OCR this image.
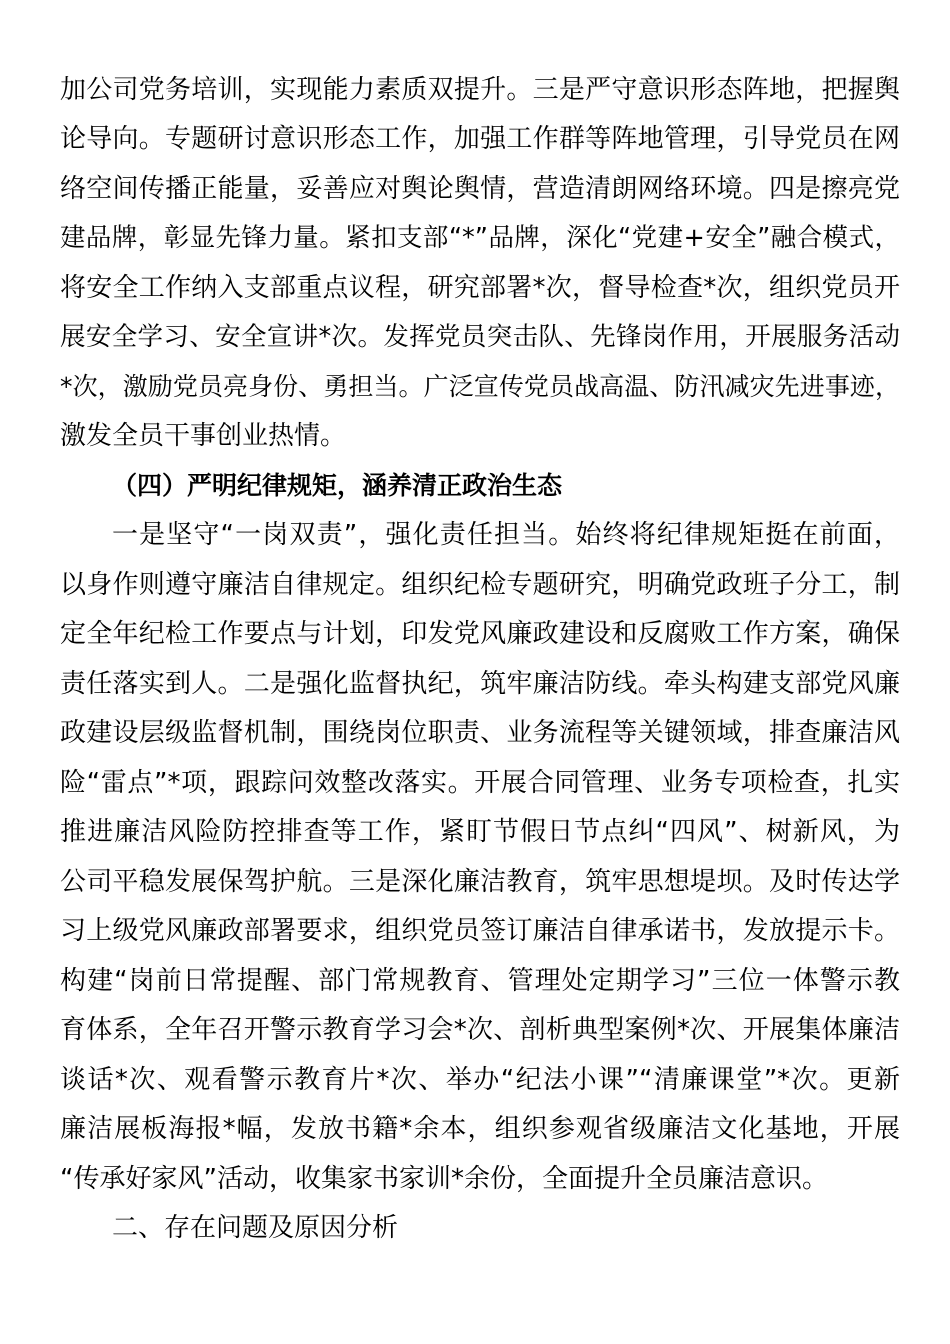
加公司党务培训，实现能力素质双提升。三是严守意识形态阵地，把握舆
论导向。专题研讨意识形态工作，加强工作群等阵地管理，引导党员在网
络空间传播正能量，妥善应对舆论舆情，营造清朗网络环境。四是擦亮党
建品牌，彰显先锋力量。紧扣支部“*”品牌，深化“党建+安全”融合模式，
将安全工作纳入支部重点议程，研究部署*次，督导检查*次，组织党员开
展安全学习、安全宣讲*次。发挥党员突击队、先锋岗作用，开展服务活动
*次，激励党员亮身份、勇担当。广泛宣传党员战高温、防汛减灾先进事迹，
激发全员干事创业热情。
（四）严明纪律规矩，涵养清正政治生态
一是坚守“一岗双责”，强化责任担当。始终将纪律规矩挺在前面，
以身作则遵守廉洁自律规定。组织纪检专题研究，明确党政班子分工，制
定全年纪检工作要点与计划，印发党风廉政建设和反腐败工作方案，确保
责任落实到人。二是强化监督执纪，筑牢廉洁防线。牵头构建支部党风廉
政建设层级监督机制，围绕岗位职责、业务流程等关键领域，排查廉洁风
险“雷点”*项，跟踪问效整改落实。开展合同管理、业务专项检查，扎实
推进廉洁风险防控排查等工作，紧盯节假日节点纠“四风”、树新风，为
公司平稳发展保驾护航。三是深化廉洁教育，筑牢思想堤坝。及时传达学
习上级党风廉政部署要求，组织党员签订廉洁自律承诺书，发放提示卡。
构建“岗前日常提醒、部门常规教育、管理处定期学习”三位一体警示教
育体系，全年召开警示教育学习会*次、剖析典型案例*次、开展集体廉洁
谈话*次、观看警示教育片*次、举办“纪法小课”“清廉课堂”*次。更新
廉洁展板海报*幅，发放书籍*余本，组织参观省级廉洁文化基地，开展
“传承好家风”活动，收集家书家训*余份，全面提升全员廉洁意识。
二、存在问题及原因分析
